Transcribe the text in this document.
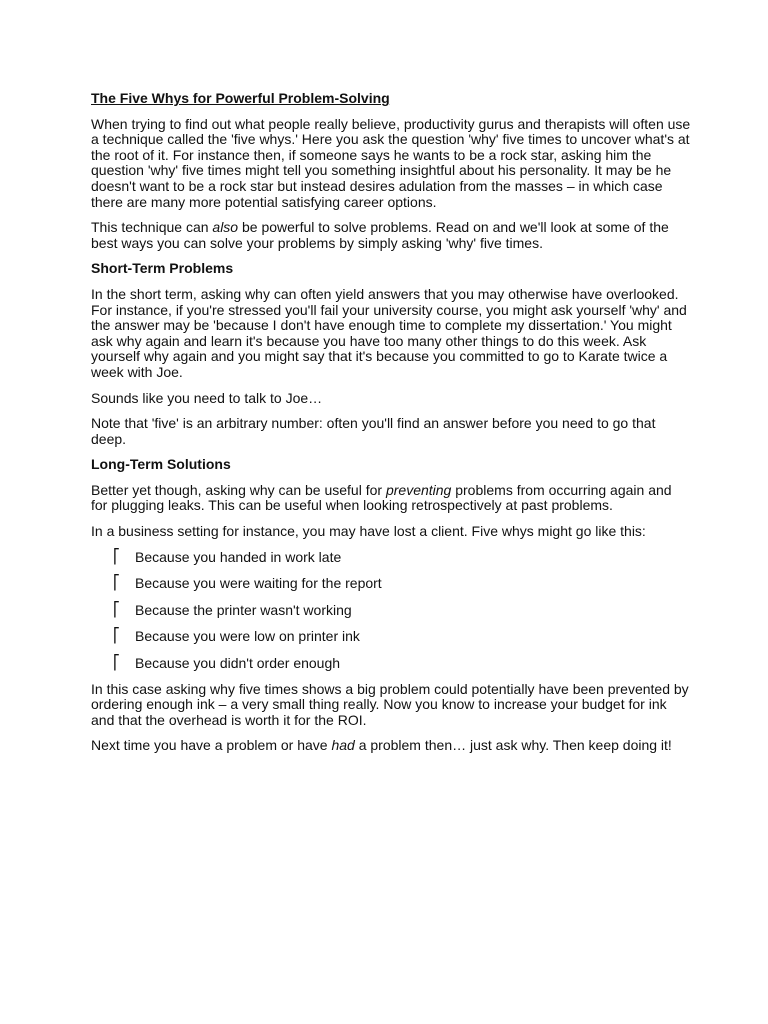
The Five Whys for Powerful Problem-Solving

When trying to find out what people really believe, productivity gurus and therapists will often use a technique called the 'five whys.' Here you ask the question 'why' five times to uncover what's at the root of it. For instance then, if someone says he wants to be a rock star, asking him the question 'why' five times might tell you something insightful about his personality. It may be he doesn't want to be a rock star but instead desires adulation from the masses – in which case there are many more potential satisfying career options.

This technique can also be powerful to solve problems. Read on and we'll look at some of the best ways you can solve your problems by simply asking 'why' five times.

Short-Term Problems

In the short term, asking why can often yield answers that you may otherwise have overlooked. For instance, if you're stressed you'll fail your university course, you might ask yourself 'why' and the answer may be 'because I don't have enough time to complete my dissertation.' You might ask why again and learn it's because you have too many other things to do this week. Ask yourself why again and you might say that it's because you committed to go to Karate twice a week with Joe.

Sounds like you need to talk to Joe…

Note that 'five' is an arbitrary number: often you'll find an answer before you need to go that deep.

Long-Term Solutions

Better yet though, asking why can be useful for preventing problems from occurring again and for plugging leaks. This can be useful when looking retrospectively at past problems.

In a business setting for instance, you may have lost a client. Five whys might go like this:

⎡ Because you handed in work late
⎡ Because you were waiting for the report
⎡ Because the printer wasn't working
⎡ Because you were low on printer ink
⎡ Because you didn't order enough

In this case asking why five times shows a big problem could potentially have been prevented by ordering enough ink – a very small thing really. Now you know to increase your budget for ink and that the overhead is worth it for the ROI.

Next time you have a problem or have had a problem then… just ask why. Then keep doing it!
